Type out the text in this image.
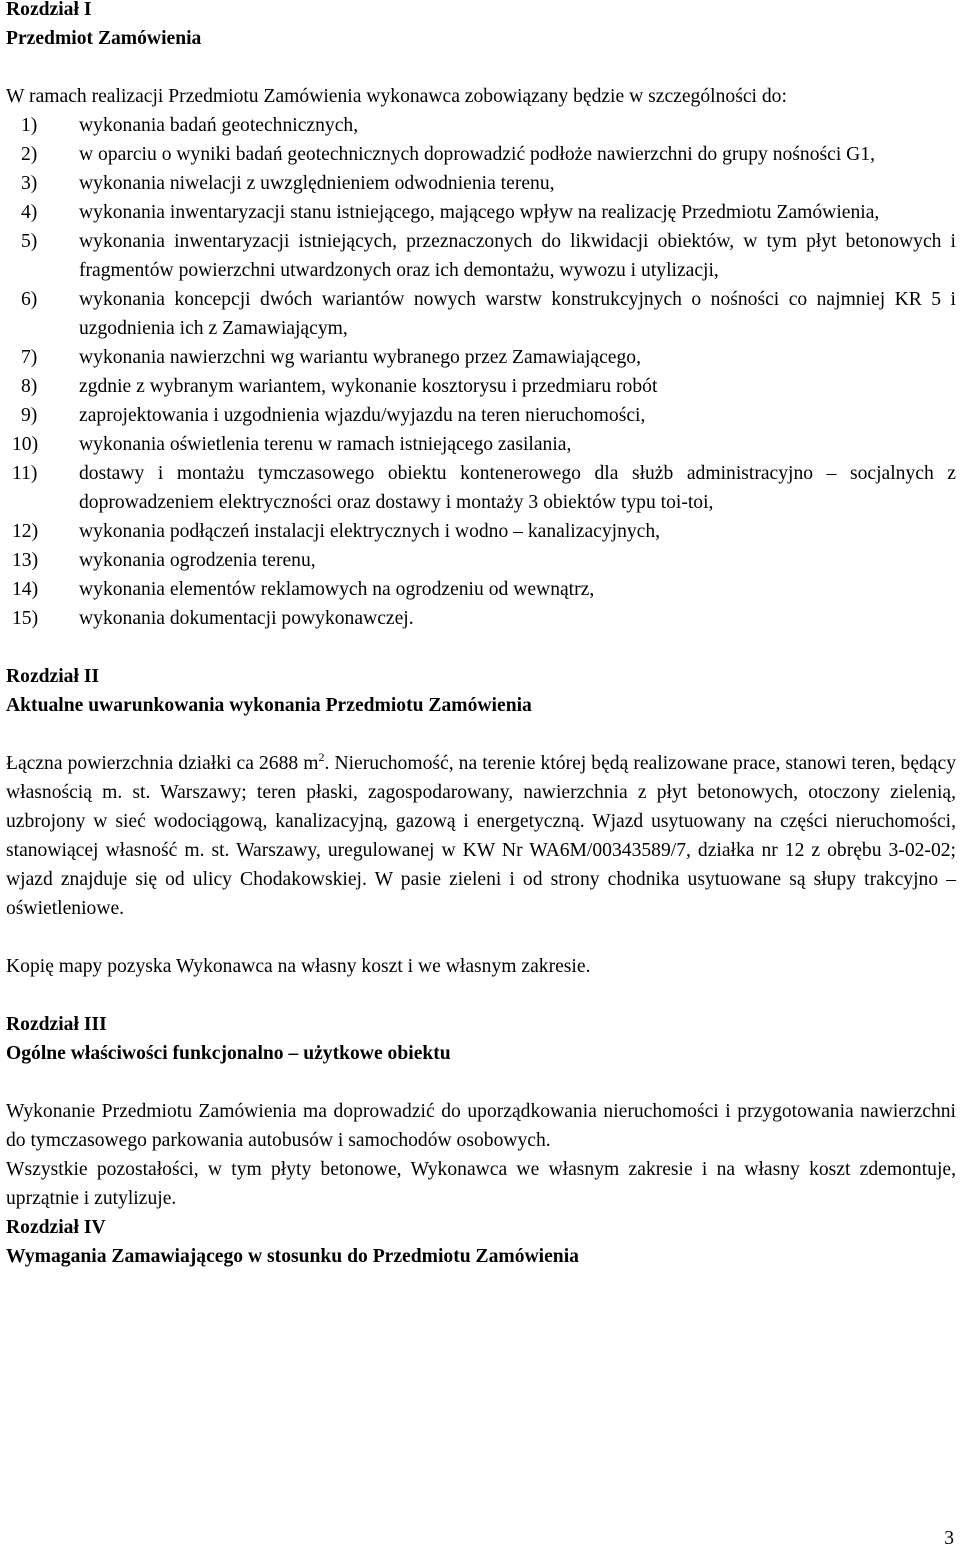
Rozdział I

Przedmiot Zamówienia

W ramach realizacji Przedmiotu Zamówienia wykonawca zobowiązany będzie w szczególności do:

1) wykonania badań geotechnicznych,
2) w oparciu o wyniki badań geotechnicznych doprowadzić podłoże nawierzchni do grupy nośności G1,
3) wykonania niwelacji z uwzględnieniem odwodnienia terenu,
4) wykonania inwentaryzacji stanu istniejącego, mającego wpływ na realizację Przedmiotu Zamówienia,
5) wykonania inwentaryzacji istniejących, przeznaczonych do likwidacji obiektów, w tym płyt betonowych i fragmentów powierzchni utwardzonych oraz ich demontażu, wywozu i utylizacji,
6) wykonania koncepcji dwóch wariantów nowych warstw konstrukcyjnych o nośności co najmniej KR 5 i uzgodnienia ich z Zamawiającym,
7) wykonania nawierzchni wg wariantu wybranego przez Zamawiającego,
8) zgdnie z wybranym wariantem, wykonanie kosztorysu i przedmiaru robót
9) zaprojektowania i uzgodnienia wjazdu/wyjazdu na teren nieruchomości,
10) wykonania oświetlenia terenu w ramach istniejącego zasilania,
11) dostawy i montażu tymczasowego obiektu kontenerowego dla służb administracyjno – socjalnych z doprowadzeniem elektryczności oraz dostawy i montaży 3 obiektów typu toi-toi,
12) wykonania podłączeń instalacji elektrycznych i wodno – kanalizacyjnych,
13) wykonania ogrodzenia terenu,
14) wykonania elementów reklamowych na ogrodzeniu od wewnątrz,
15) wykonania dokumentacji powykonawczej.

Rozdział II

Aktualne uwarunkowania wykonania Przedmiotu Zamówienia

Łączna powierzchnia działki ca 2688 $m^2$. Nieruchomość, na terenie której będą realizowane prace, stanowi teren, będący własnością m. st. Warszawy; teren płaski, zagospodarowany, nawierzchnia z płyt betonowych, otoczony zielenią, uzbrojony w sieć wodociągową, kanalizacyjną, gazową i energetyczną. Wjazd usytuowany na części nieruchomości, stanowiącej własność m. st. Warszawy, uregulowanej w KW Nr WA6M/00343589/7, działka nr 12 z obrębu 3-02-02; wjazd znajduje się od ulicy Chodakowskiej. W pasie zieleni i od strony chodnika usytuowane są słupy trakcyjno – oświetleniowe.

Kopię mapy pozyska Wykonawca na własny koszt i we własnym zakresie.

Rozdział III

Ogólne właściwości funkcjonalno – użytkowe obiektu

Wykonanie Przedmiotu Zamówienia ma doprowadzić do uporządkowania nieruchomości i przygotowania nawierzchni do tymczasowego parkowania autobusów i samochodów osobowych.

Wszystkie pozostałości, w tym płyty betonowe, Wykonawca we własnym zakresie i na własny koszt zdemontuje, uprzątnie i zutylizuje.

Rozdział IV

Wymagania Zamawiającego w stosunku do Przedmiotu Zamówienia

3
